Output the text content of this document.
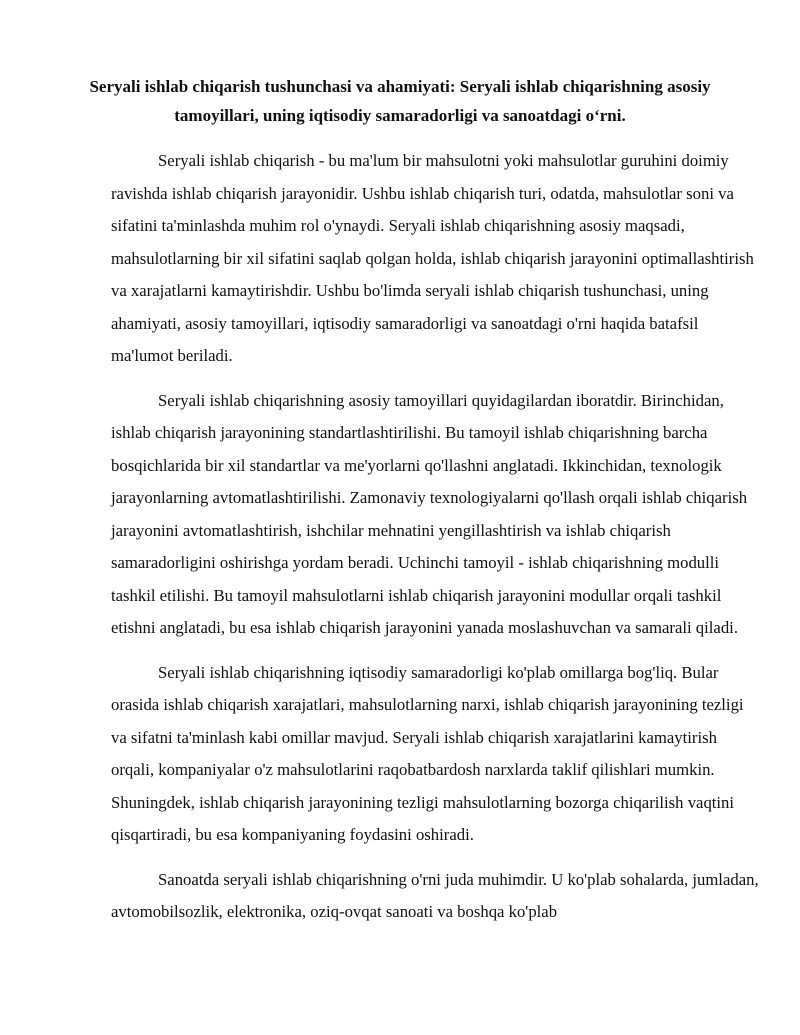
Seryali ishlab chiqarish tushunchasi va ahamiyati: Seryali ishlab chiqarishning asosiy tamoyillari, uning iqtisodiy samaradorligi va sanoatdagi o‘rni.

Seryali ishlab chiqarish - bu ma'lum bir mahsulotni yoki mahsulotlar guruhini doimiy ravishda ishlab chiqarish jarayonidir. Ushbu ishlab chiqarish turi, odatda, mahsulotlar soni va sifatini ta'minlashda muhim rol o'ynaydi. Seryali ishlab chiqarishning asosiy maqsadi, mahsulotlarning bir xil sifatini saqlab qolgan holda, ishlab chiqarish jarayonini optimallashtirish va xarajatlarni kamaytirishdir. Ushbu bo'limda seryali ishlab chiqarish tushunchasi, uning ahamiyati, asosiy tamoyillari, iqtisodiy samaradorligi va sanoatdagi o'rni haqida batafsil ma'lumot beriladi.

Seryali ishlab chiqarishning asosiy tamoyillari quyidagilardan iboratdir. Birinchidan, ishlab chiqarish jarayonining standartlashtirilishi. Bu tamoyil ishlab chiqarishning barcha bosqichlarida bir xil standartlar va me'yorlarni qo'llashni anglatadi. Ikkinchidan, texnologik jarayonlarning avtomatlashtirilishi. Zamonaviy texnologiyalarni qo'llash orqali ishlab chiqarish jarayonini avtomatlashtirish, ishchilar mehnatini yengillashtirish va ishlab chiqarish samaradorligini oshirishga yordam beradi. Uchinchi tamoyil - ishlab chiqarishning modulli tashkil etilishi. Bu tamoyil mahsulotlarni ishlab chiqarish jarayonini modullar orqali tashkil etishni anglatadi, bu esa ishlab chiqarish jarayonini yanada moslashuvchan va samarali qiladi.

Seryali ishlab chiqarishning iqtisodiy samaradorligi ko'plab omillarga bog'liq. Bular orasida ishlab chiqarish xarajatlari, mahsulotlarning narxi, ishlab chiqarish jarayonining tezligi va sifatni ta'minlash kabi omillar mavjud. Seryali ishlab chiqarish xarajatlarini kamaytirish orqali, kompaniyalar o'z mahsulotlarini raqobatbardosh narxlarda taklif qilishlari mumkin. Shuningdek, ishlab chiqarish jarayonining tezligi mahsulotlarning bozorga chiqarilish vaqtini qisqartiradi, bu esa kompaniyaning foydasini oshiradi.

Sanoatda seryali ishlab chiqarishning o'rni juda muhimdir. U ko'plab sohalarda, jumladan, avtomobilsozlik, elektronika, oziq-ovqat sanoati va boshqa ko'plab
